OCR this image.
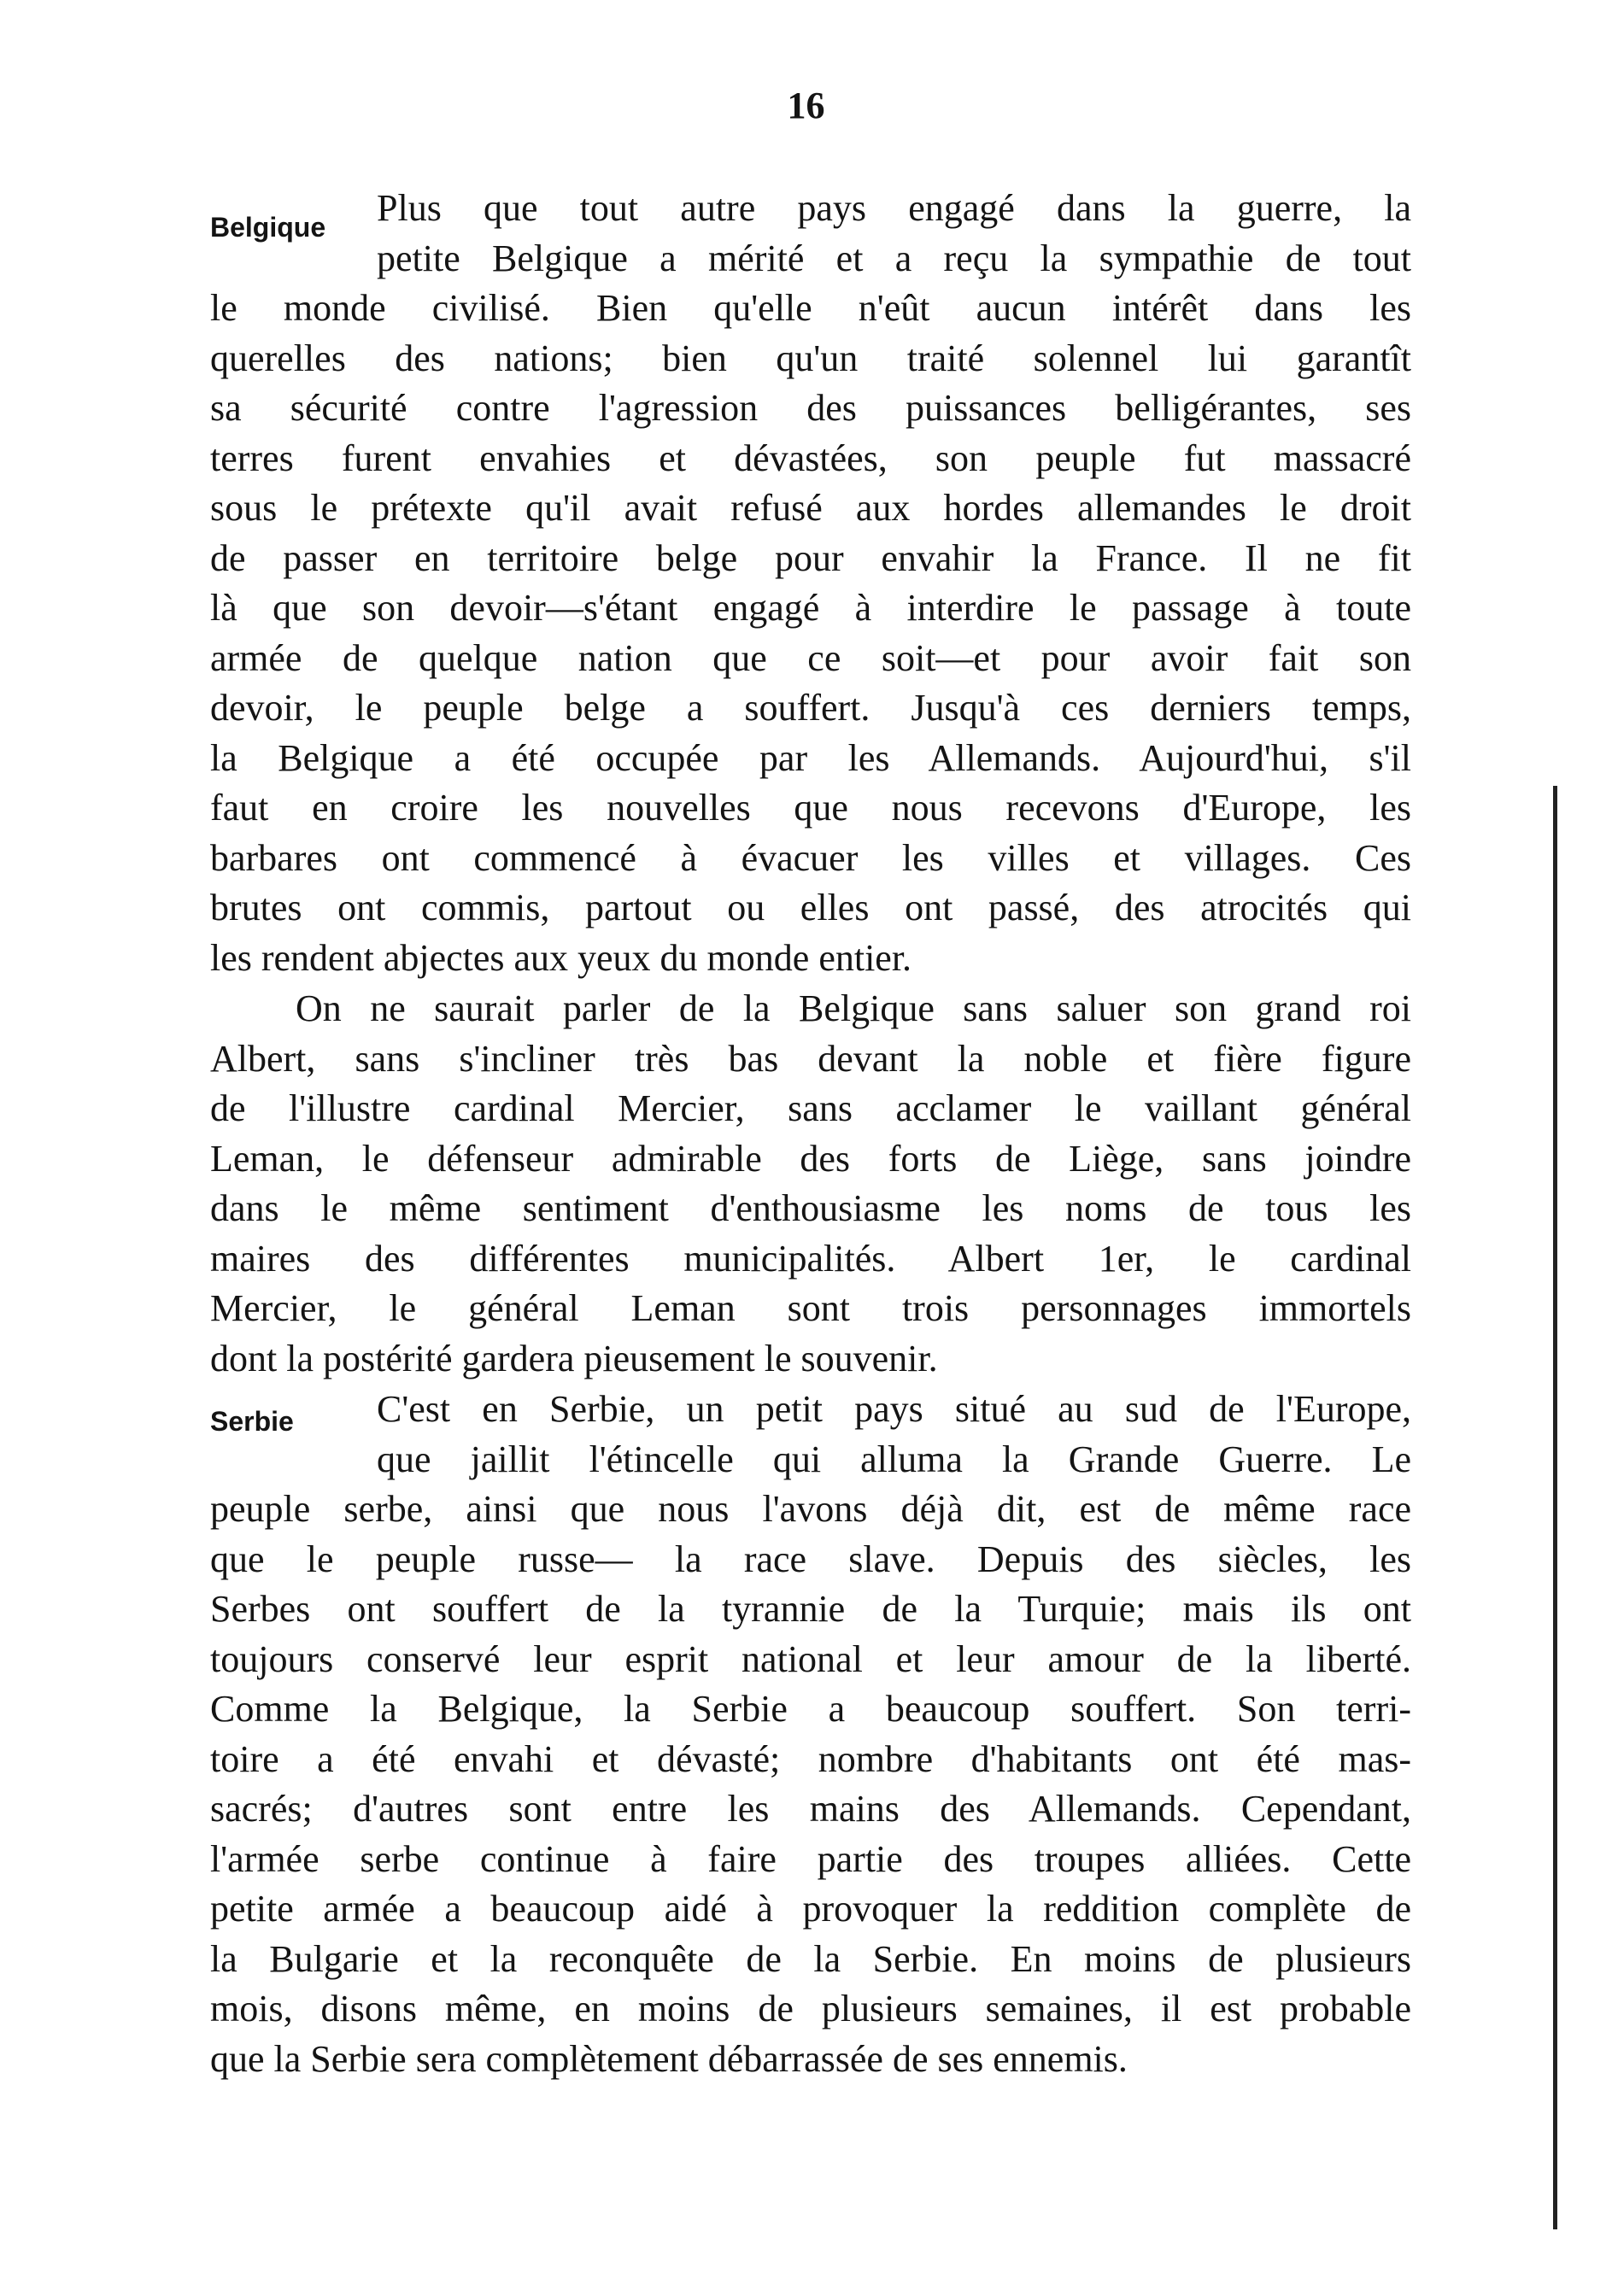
16
Belgique
Serbie
Plus que tout autre pays engagé dans la guerre, la
petite Belgique a mérité et a reçu la sympathie de tout
le monde civilisé. Bien qu'elle n'eût aucun intérêt dans les
querelles des nations; bien qu'un traité solennel lui garantît
sa sécurité contre l'agression des puissances belligérantes, ses
terres furent envahies et dévastées, son peuple fut massacré
sous le prétexte qu'il avait refusé aux hordes allemandes le droit
de passer en territoire belge pour envahir la France. Il ne fit
là que son devoir—s'étant engagé à interdire le passage à toute
armée de quelque nation que ce soit—et pour avoir fait son
devoir, le peuple belge a souffert. Jusqu'à ces derniers temps,
la Belgique a été occupée par les Allemands. Aujourd'hui, s'il
faut en croire les nouvelles que nous recevons d'Europe, les
barbares ont commencé à évacuer les villes et villages. Ces
brutes ont commis, partout ou elles ont passé, des atrocités qui
les rendent abjectes aux yeux du monde entier.
On ne saurait parler de la Belgique sans saluer son grand roi
Albert, sans s'incliner très bas devant la noble et fière figure
de l'illustre cardinal Mercier, sans acclamer le vaillant général
Leman, le défenseur admirable des forts de Liège, sans joindre
dans le même sentiment d'enthousiasme les noms de tous les
maires des différentes municipalités. Albert 1er, le cardinal
Mercier, le général Leman sont trois personnages immortels
dont la postérité gardera pieusement le souvenir.
C'est en Serbie, un petit pays situé au sud de l'Europe,
que jaillit l'étincelle qui alluma la Grande Guerre. Le
peuple serbe, ainsi que nous l'avons déjà dit, est de même race
que le peuple russe— la race slave. Depuis des siècles, les
Serbes ont souffert de la tyrannie de la Turquie; mais ils ont
toujours conservé leur esprit national et leur amour de la liberté.
Comme la Belgique, la Serbie a beaucoup souffert. Son terri-
toire a été envahi et dévasté; nombre d'habitants ont été mas-
sacrés; d'autres sont entre les mains des Allemands. Cependant,
l'armée serbe continue à faire partie des troupes alliées. Cette
petite armée a beaucoup aidé à provoquer la reddition complète de
la Bulgarie et la reconquête de la Serbie. En moins de plusieurs
mois, disons même, en moins de plusieurs semaines, il est probable
que la Serbie sera complètement débarrassée de ses ennemis.
